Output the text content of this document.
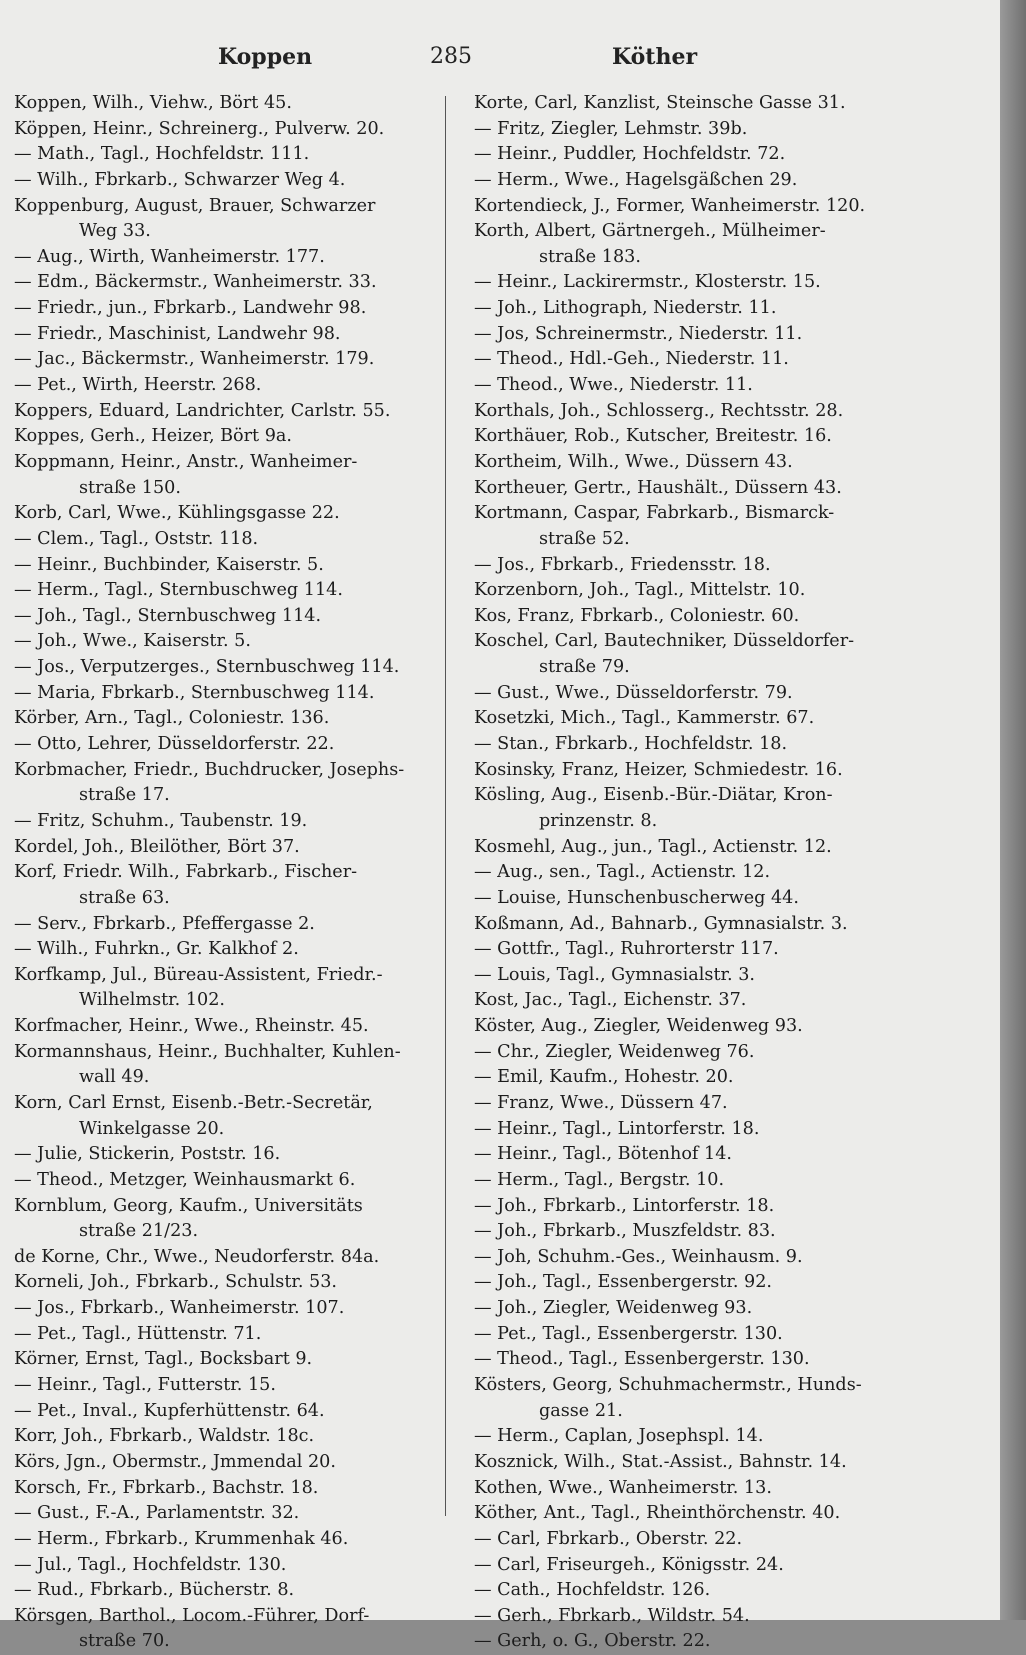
Koppen	285	Köther
Koppen, Wilh., Viehw., Bört 45.
Köppen, Heinr., Schreinerg., Pulverw. 20.
— Math., Tagl., Hochfeldstr. 111.
— Wilh., Fbrkarb., Schwarzer Weg 4.
Koppenburg, August, Brauer, Schwarzer
Weg 33.
— Aug., Wirth, Wanheimerstr. 177.
— Edm., Bäckermstr., Wanheimerstr. 33.
— Friedr., jun., Fbrkarb., Landwehr 98.
— Friedr., Maschinist, Landwehr 98.
— Jac., Bäckermstr., Wanheimerstr. 179.
— Pet., Wirth, Heerstr. 268.
Koppers, Eduard, Landrichter, Carlstr. 55.
Koppes, Gerh., Heizer, Bört 9a.
Koppmann, Heinr., Anstr., Wanheimer-
straße 150.
Korb, Carl, Wwe., Kühlingsgasse 22.
— Clem., Tagl., Oststr. 118.
— Heinr., Buchbinder, Kaiserstr. 5.
— Herm., Tagl., Sternbuschweg 114.
— Joh., Tagl., Sternbuschweg 114.
— Joh., Wwe., Kaiserstr. 5.
— Jos., Verputzerges., Sternbuschweg 114.
— Maria, Fbrkarb., Sternbuschweg 114.
Körber, Arn., Tagl., Coloniestr. 136.
— Otto, Lehrer, Düsseldorferstr. 22.
Korbmacher, Friedr., Buchdrucker, Josephs-
straße 17.
— Fritz, Schuhm., Taubenstr. 19.
Kordel, Joh., Bleilöther, Bört 37.
Korf, Friedr. Wilh., Fabrkarb., Fischer-
straße 63.
— Serv., Fbrkarb., Pfeffergasse 2.
— Wilh., Fuhrkn., Gr. Kalkhof 2.
Korfkamp, Jul., Büreau-Assistent, Friedr.-
Wilhelmstr. 102.
Korfmacher, Heinr., Wwe., Rheinstr. 45.
Kormannshaus, Heinr., Buchhalter, Kuhlen-
wall 49.
Korn, Carl Ernst, Eisenb.-Betr.-Secretär,
Winkelgasse 20.
— Julie, Stickerin, Poststr. 16.
— Theod., Metzger, Weinhausmarkt 6.
Kornblum, Georg, Kaufm., Universitäts
straße 21/23.
de Korne, Chr., Wwe., Neudorferstr. 84a.
Korneli, Joh., Fbrkarb., Schulstr. 53.
— Jos., Fbrkarb., Wanheimerstr. 107.
— Pet., Tagl., Hüttenstr. 71.
Körner, Ernst, Tagl., Bocksbart 9.
— Heinr., Tagl., Futterstr. 15.
— Pet., Inval., Kupferhüttenstr. 64.
Korr, Joh., Fbrkarb., Waldstr. 18c.
Körs, Jgn., Obermstr., Jmmendal 20.
Korsch, Fr., Fbrkarb., Bachstr. 18.
— Gust., F.-A., Parlamentstr. 32.
— Herm., Fbrkarb., Krummenhak 46.
— Jul., Tagl., Hochfeldstr. 130.
— Rud., Fbrkarb., Bücherstr. 8.
Körsgen, Barthol., Locom.-Führer, Dorf-
straße 70.
Korte, Carl, Kanzlist, Steinsche Gasse 31.
— Fritz, Ziegler, Lehmstr. 39b.
— Heinr., Puddler, Hochfeldstr. 72.
— Herm., Wwe., Hagelsgäßchen 29.
Kortendieck, J., Former, Wanheimerstr. 120.
Korth, Albert, Gärtnergeh., Mülheimer-
straße 183.
— Heinr., Lackirermstr., Klosterstr. 15.
— Joh., Lithograph, Niederstr. 11.
— Jos, Schreinermstr., Niederstr. 11.
— Theod., Hdl.-Geh., Niederstr. 11.
— Theod., Wwe., Niederstr. 11.
Korthals, Joh., Schlosserg., Rechtsstr. 28.
Korthäuer, Rob., Kutscher, Breitestr. 16.
Kortheim, Wilh., Wwe., Düssern 43.
Kortheuer, Gertr., Haushält., Düssern 43.
Kortmann, Caspar, Fabrkarb., Bismarck-
straße 52.
— Jos., Fbrkarb., Friedensstr. 18.
Korzenborn, Joh., Tagl., Mittelstr. 10.
Kos, Franz, Fbrkarb., Coloniestr. 60.
Koschel, Carl, Bautechniker, Düsseldorfer-
straße 79.
— Gust., Wwe., Düsseldorferstr. 79.
Kosetzki, Mich., Tagl., Kammerstr. 67.
— Stan., Fbrkarb., Hochfeldstr. 18.
Kosinsky, Franz, Heizer, Schmiedestr. 16.
Kösling, Aug., Eisenb.-Bür.-Diätar, Kron-
prinzenstr. 8.
Kosmehl, Aug., jun., Tagl., Actienstr. 12.
— Aug., sen., Tagl., Actienstr. 12.
— Louise, Hunschenbuscherweg 44.
Koßmann, Ad., Bahnarb., Gymnasialstr. 3.
— Gottfr., Tagl., Ruhrorterstr 117.
— Louis, Tagl., Gymnasialstr. 3.
Kost, Jac., Tagl., Eichenstr. 37.
Köster, Aug., Ziegler, Weidenweg 93.
— Chr., Ziegler, Weidenweg 76.
— Emil, Kaufm., Hohestr. 20.
— Franz, Wwe., Düssern 47.
— Heinr., Tagl., Lintorferstr. 18.
— Heinr., Tagl., Bötenhof 14.
— Herm., Tagl., Bergstr. 10.
— Joh., Fbrkarb., Lintorferstr. 18.
— Joh., Fbrkarb., Muszfeldstr. 83.
— Joh, Schuhm.-Ges., Weinhausm. 9.
— Joh., Tagl., Essenbergerstr. 92.
— Joh., Ziegler, Weidenweg 93.
— Pet., Tagl., Essenbergerstr. 130.
— Theod., Tagl., Essenbergerstr. 130.
Kösters, Georg, Schuhmachermstr., Hunds-
gasse 21.
— Herm., Caplan, Josephspl. 14.
Kosznick, Wilh., Stat.-Assist., Bahnstr. 14.
Kothen, Wwe., Wanheimerstr. 13.
Köther, Ant., Tagl., Rheinthörchenstr. 40.
— Carl, Fbrkarb., Oberstr. 22.
— Carl, Friseurgeh., Königsstr. 24.
— Cath., Hochfeldstr. 126.
— Gerh., Fbrkarb., Wildstr. 54.
— Gerh, o. G., Oberstr. 22.
